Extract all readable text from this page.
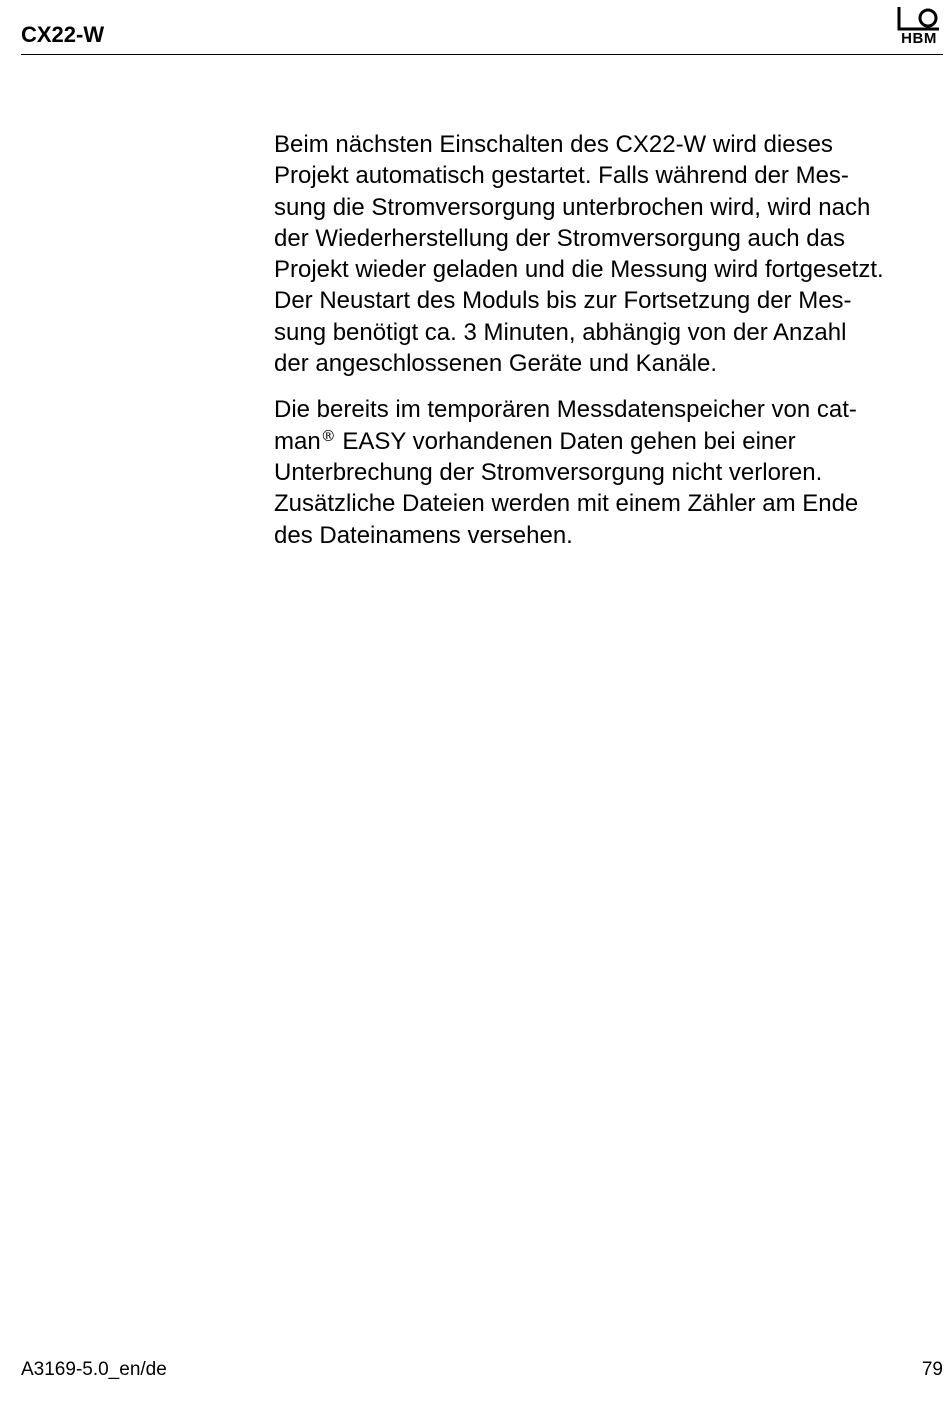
CX22-W	HBM

Beim nächsten Einschalten des CX22-W wird dieses
Projekt automatisch gestartet. Falls während der Mes-
sung die Stromversorgung unterbrochen wird, wird nach
der Wiederherstellung der Stromversorgung auch das
Projekt wieder geladen und die Messung wird fortgesetzt.
Der Neustart des Moduls bis zur Fortsetzung der Mes-
sung benötigt ca. 3 Minuten, abhängig von der Anzahl
der angeschlossenen Geräte und Kanäle.

Die bereits im temporären Messdatenspeicher von cat-
man® EASY vorhandenen Daten gehen bei einer
Unterbrechung der Stromversorgung nicht verloren.
Zusätzliche Dateien werden mit einem Zähler am Ende
des Dateinamens versehen.

A3169-5.0_en/de	79
